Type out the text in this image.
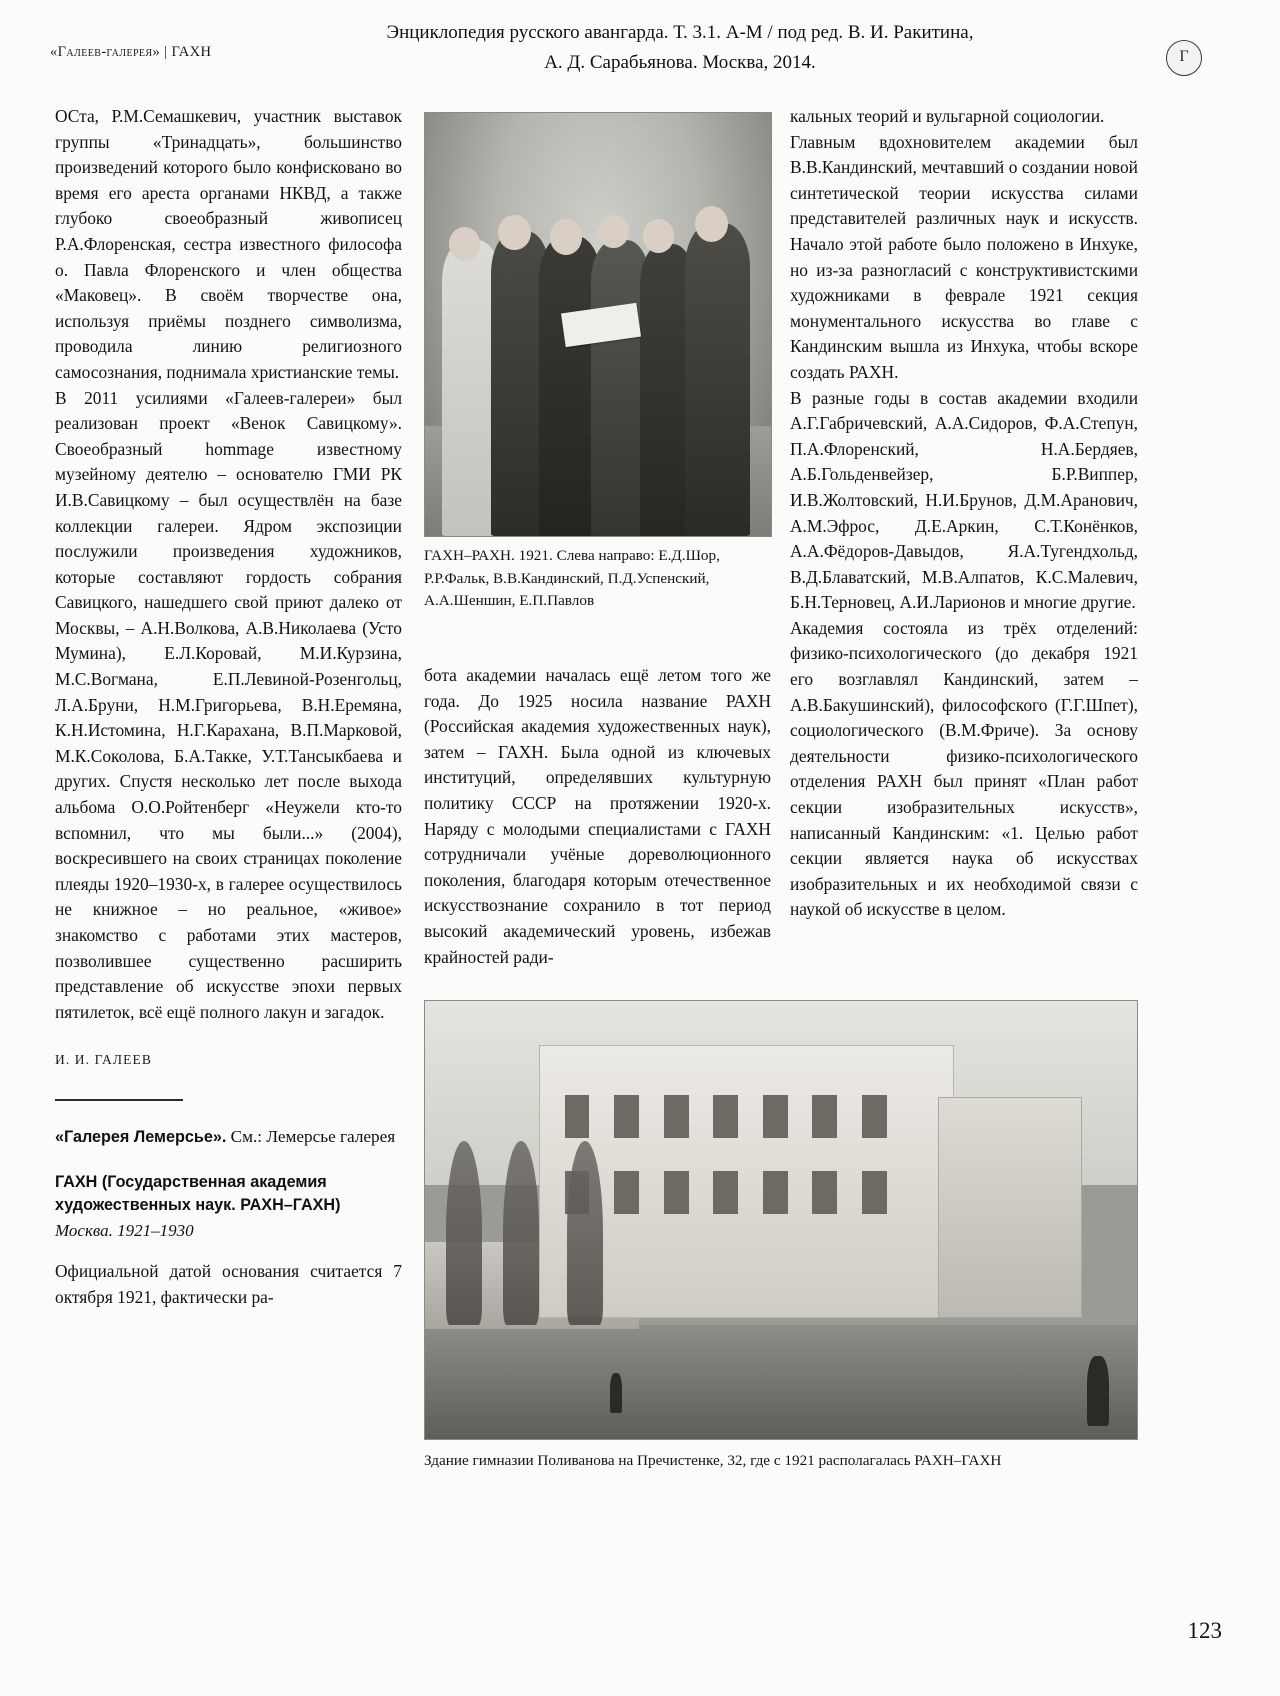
«Галеев-галерея» | ГАХН
Энциклопедия русского авангарда. Т. 3.1. А-М / под ред. В. И. Ракитина,
А. Д. Сарабьянова. Москва, 2014.	Г

ОСта, Р.М.Семашкевич, участник выставок группы «Тринадцать», большинство произведений которого было конфисковано во время его ареста органами НКВД, а также глубоко своеобразный живописец Р.А.Флоренская, сестра известного философа о. Павла Флоренского и член общества «Маковец». В своём творчестве она, используя приёмы позднего символизма, проводила линию религиозного самосознания, поднимала христианские темы.

В 2011 усилиями «Галеев-галереи» был реализован проект «Венок Савицкому». Своеобразный hommage известному музейному деятелю – основателю ГМИ РК И.В.Савицкому – был осуществлён на базе коллекции галереи. Ядром экспозиции послужили произведения художников, которые составляют гордость собрания Савицкого, нашедшего свой приют далеко от Москвы, – А.Н.Волкова, А.В.Николаева (Усто Мумина), Е.Л.Коровай, М.И.Курзина, М.С.Вогмана, Е.П.Левиной-Розенгольц, Л.А.Бруни, Н.М.Григорьева, В.Н.Еремяна, К.Н.Истомина, Н.Г.Карахана, В.П.Марковой, М.К.Соколова, Б.А.Такке, У.Т.Тансыкбаева и других. Спустя несколько лет после выхода альбома О.О.Ройтенберг «Неужели кто-то вспомнил, что мы были...» (2004), воскресившего на своих страницах поколение плеяды 1920–1930-х, в галерее осуществилось не книжное – но реальное, «живое» знакомство с работами этих мастеров, позволившее существенно расширить представление об искусстве эпохи первых пятилеток, всё ещё полного лакун и загадок.

И. И. ГАЛЕЕВ
«Галерея Лемерсье». См.: Лемерсье галерея
ГАХН (Государственная академия художественных наук. РАХН–ГАХН)
Москва. 1921–1930

Официальной датой основания считается 7 октября 1921, фактически ра-

ГАХН–РАХН. 1921. Слева направо: Е.Д.Шор, Р.Р.Фальк, В.В.Кандинский, П.Д.Успенский, А.А.Шеншин, Е.П.Павлов

бота академии началась ещё летом того же года. До 1925 носила название РАХН (Российская академия художественных наук), затем – ГАХН. Была одной из ключевых институций, определявших культурную политику СССР на протяжении 1920-х. Наряду с молодыми специалистами с ГАХН сотрудничали учёные дореволюционного поколения, благодаря которым отечественное искусствознание сохранило в тот период высокий академический уровень, избежав крайностей ради-

кальных теорий и вульгарной социологии.

Главным вдохновителем академии был В.В.Кандинский, мечтавший о создании новой синтетической теории искусства силами представителей различных наук и искусств. Начало этой работе было положено в Инхуке, но из-за разногласий с конструктивистскими художниками в феврале 1921 секция монументального искусства во главе с Кандинским вышла из Инхука, чтобы вскоре создать РАХН.

В разные годы в состав академии входили А.Г.Габричевский, А.А.Сидоров, Ф.А.Степун, П.А.Флоренский, Н.А.Бердяев, А.Б.Гольденвейзер, Б.Р.Виппер, И.В.Жолтовский, Н.И.Брунов, Д.М.Аранович, А.М.Эфрос, Д.Е.Аркин, С.Т.Конёнков, А.А.Фёдоров-Давыдов, Я.А.Тугендхольд, В.Д.Блаватский, М.В.Алпатов, К.С.Малевич, Б.Н.Терновец, А.И.Ларионов и многие другие.

Академия состояла из трёх отделений: физико-психологического (до декабря 1921 его возглавлял Кандинский, затем – А.В.Бакушинский), философского (Г.Г.Шпет), социологического (В.М.Фриче). За основу деятельности физико-психологического отделения РАХН был принят «План работ секции изобразительных искусств», написанный Кандинским: «1. Целью работ секции является наука об искусствах изобразительных и их необходимой связи с наукой об искусстве в целом.

Здание гимназии Поливанова на Пречистенке, 32, где с 1921 располагалась РАХН–ГАХН
123
